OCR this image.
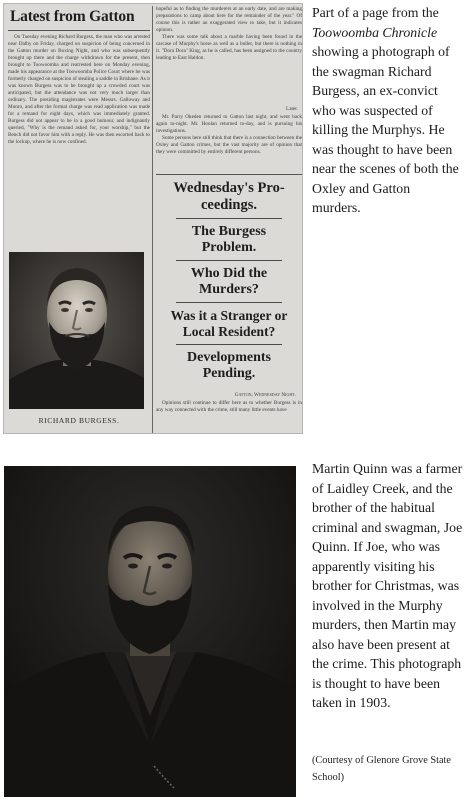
Latest from Gatton

On Tuesday evening Richard Burgess, the man who was arrested near Dalby on Friday, charged on suspicion of being concerned in the Gatton murder on Boxing Night, and who was subsequently brought up there and the charge withdrawn for the present, then brought to Toowoomba and rearrested here on Monday evening, made his appearance at the Toowoomba Police Court where he was formerly charged on suspicion of stealing a saddle in Brisbane. As it was known Burgess was to be brought up a crowded court was anticipated, but the attendance was not very much larger than ordinary. The presiding magistrates were Messrs. Galloway and Munro, and after the formal charge was read application was made for a remand for eight days, which was immediately granted. Burgess did not appear to be in a good humour, and indignantly queried, "Why is the remand asked for, your worship," but the Bench did not favor him with a reply. He was then escorted back to the lockup, where he is now confined.

RICHARD BURGESS.

hopeful as to finding the murderers at an early date, and are making preparations to camp about here for the remainder of the year." Of course this is rather an exaggerated view to take, but it indicates opinion.

There was some talk about a marble having been found in the carcase of Murphy's horse as well as a bullet, but there is nothing in it. "Dora Dora" King, as he is called, has been assigned to the country leading to East Haldon.

Later.

Mr. Parry Okeden returned to Gatton last night, and went back again to-night. Mr. Hoolan returned to-day, and is pursuing his investigations.

Some persons here still think that there is a connection between the Oxley and Gatton crimes, but the vast majority are of opinion that they were committed by entirely different persons.

Wednesday's Pro-
ceedings.
The Burgess
Problem.
Who Did the
Murders?
Was it a Stranger or
Local Resident?
Developments
Pending.
Gatton, Wednesday Night.

Opinions still continue to differ here as to whether Burgess is in any way connected with the crime, still many little events have

Part of a page from the Toowoomba Chronicle showing a photograph of the swagman Richard Burgess, an ex-convict who was suspected of killing the Murphys. He was thought to have been near the scenes of both the Oxley and Gatton murders.
Martin Quinn was a farmer of Laidley Creek, and the brother of the habitual criminal and swagman, Joe Quinn. If Joe, who was apparently visiting his brother for Christmas, was involved in the Murphy murders, then Martin may also have been present at the crime. This photograph is thought to have been taken in 1903.
(Courtesy of Glenore Grove State School)
